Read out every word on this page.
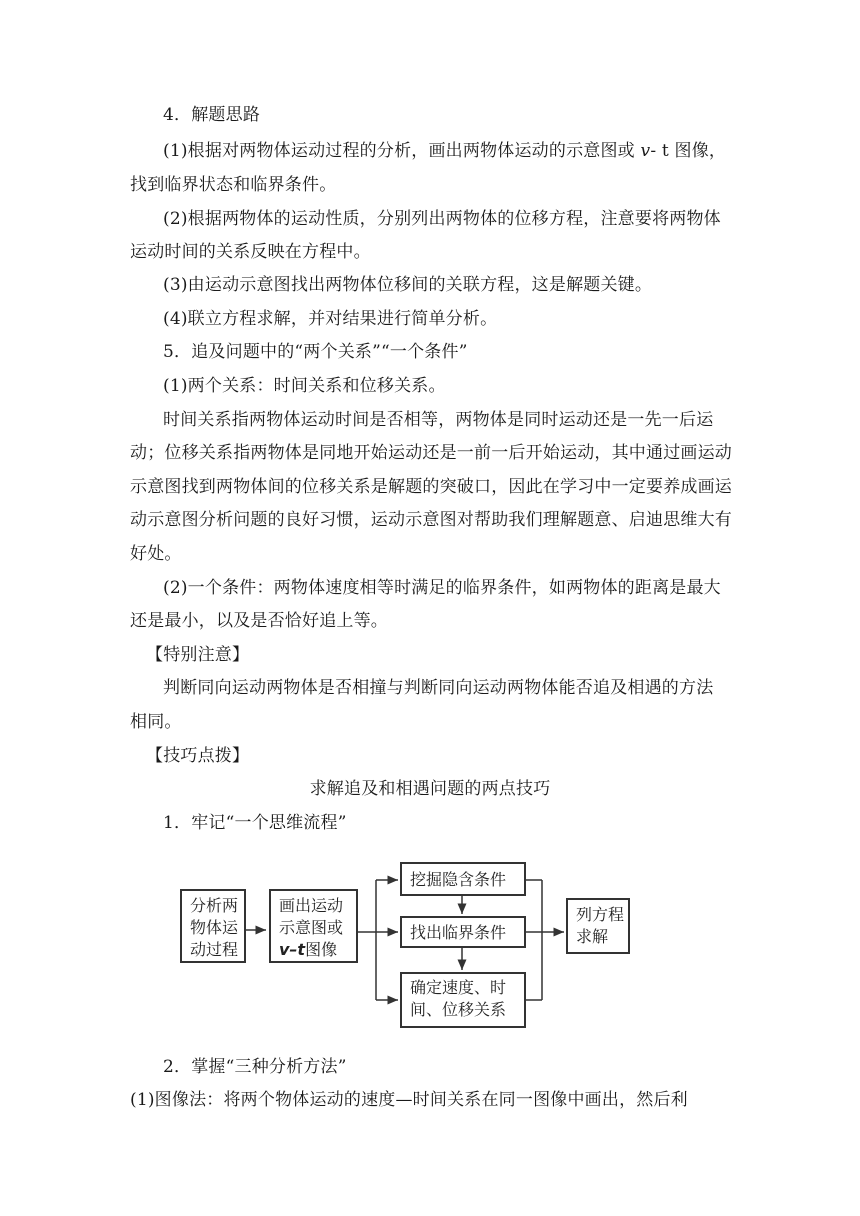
4．解题思路
(1)根据对两物体运动过程的分析，画出两物体运动的示意图或 v- t 图像，
找到临界状态和临界条件。
(2)根据两物体的运动性质，分别列出两物体的位移方程，注意要将两物体
运动时间的关系反映在方程中。
(3)由运动示意图找出两物体位移间的关联方程，这是解题关键。
(4)联立方程求解，并对结果进行简单分析。
5．追及问题中的“两个关系”“一个条件”
(1)两个关系：时间关系和位移关系。
时间关系指两物体运动时间是否相等，两物体是同时运动还是一先一后运
动；位移关系指两物体是同地开始运动还是一前一后开始运动，其中通过画运动
示意图找到两物体间的位移关系是解题的突破口，因此在学习中一定要养成画运
动示意图分析问题的良好习惯，运动示意图对帮助我们理解题意、启迪思维大有
好处。
(2)一个条件：两物体速度相等时满足的临界条件，如两物体的距离是最大
还是最小，以及是否恰好追上等。
【特别注意】
判断同向运动两物体是否相撞与判断同向运动两物体能否追及相遇的方法
相同。
【技巧点拨】
求解追及和相遇问题的两点技巧
1．牢记“一个思维流程”
分析两
物体运
动过程
画出运动
示意图或
v–t图像
挖掘隐含条件
找出临界条件
确定速度、时
间、位移关系
列方程
求解
2．掌握“三种分析方法”
(1)图像法：将两个物体运动的速度—时间关系在同一图像中画出，然后利
